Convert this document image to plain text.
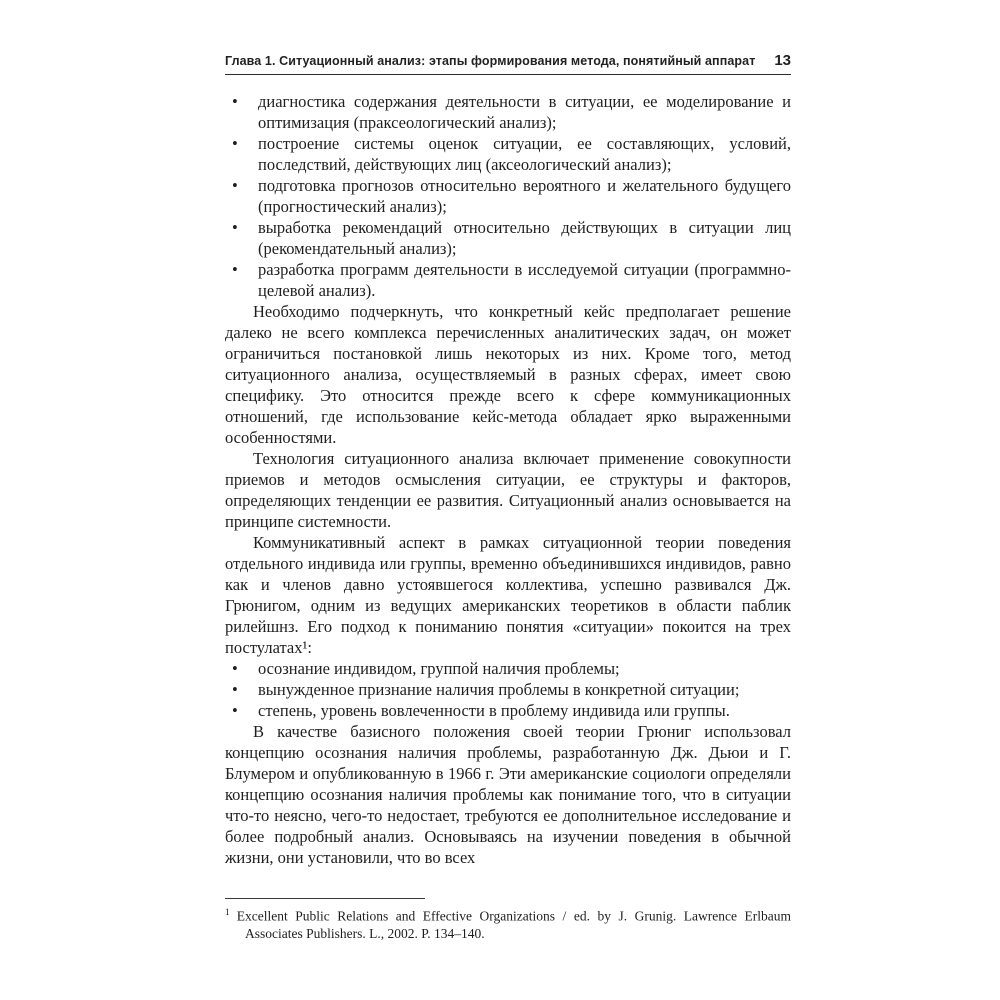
Глава 1. Ситуационный анализ: этапы формирования метода, понятийный аппарат 13
• диагностика содержания деятельности в ситуации, ее моделирование и оптимизация (праксеологический анализ);
• построение системы оценок ситуации, ее составляющих, условий, последствий, действующих лиц (аксеологический анализ);
• подготовка прогнозов относительно вероятного и желательного будущего (прогностический анализ);
• выработка рекомендаций относительно действующих в ситуации лиц (рекомендательный анализ);
• разработка программ деятельности в исследуемой ситуации (программно-целевой анализ).

Необходимо подчеркнуть, что конкретный кейс предполагает решение далеко не всего комплекса перечисленных аналитических задач, он может ограничиться постановкой лишь некоторых из них. Кроме того, метод ситуационного анализа, осуществляемый в разных сферах, имеет свою специфику. Это относится прежде всего к сфере коммуникационных отношений, где использование кейс-метода обладает ярко выраженными особенностями.

Технология ситуационного анализа включает применение совокупности приемов и методов осмысления ситуации, ее структуры и факторов, определяющих тенденции ее развития. Ситуационный анализ основывается на принципе системности.

Коммуникативный аспект в рамках ситуационной теории поведения отдельного индивида или группы, временно объединившихся индивидов, равно как и членов давно устоявшегося коллектива, успешно развивался Дж. Грюнигом, одним из ведущих американских теоретиков в области паблик рилейшнз. Его подход к пониманию понятия «ситуации» покоится на трех постулатах¹:

• осознание индивидом, группой наличия проблемы;
• вынужденное признание наличия проблемы в конкретной ситуации;
• степень, уровень вовлеченности в проблему индивида или группы.

В качестве базисного положения своей теории Грюниг использовал концепцию осознания наличия проблемы, разработанную Дж. Дьюи и Г. Блумером и опубликованную в 1966 г. Эти американские социологи определяли концепцию осознания наличия проблемы как понимание того, что в ситуации что-то неясно, чего-то недостает, требуются ее дополнительное исследование и более подробный анализ. Основываясь на изучении поведения в обычной жизни, они установили, что во всех

$^1$ Excellent Public Relations and Effective Organizations / ed. by J. Grunig. Lawrence Erlbaum Associates Publishers. L., 2002. P. 134–140.
